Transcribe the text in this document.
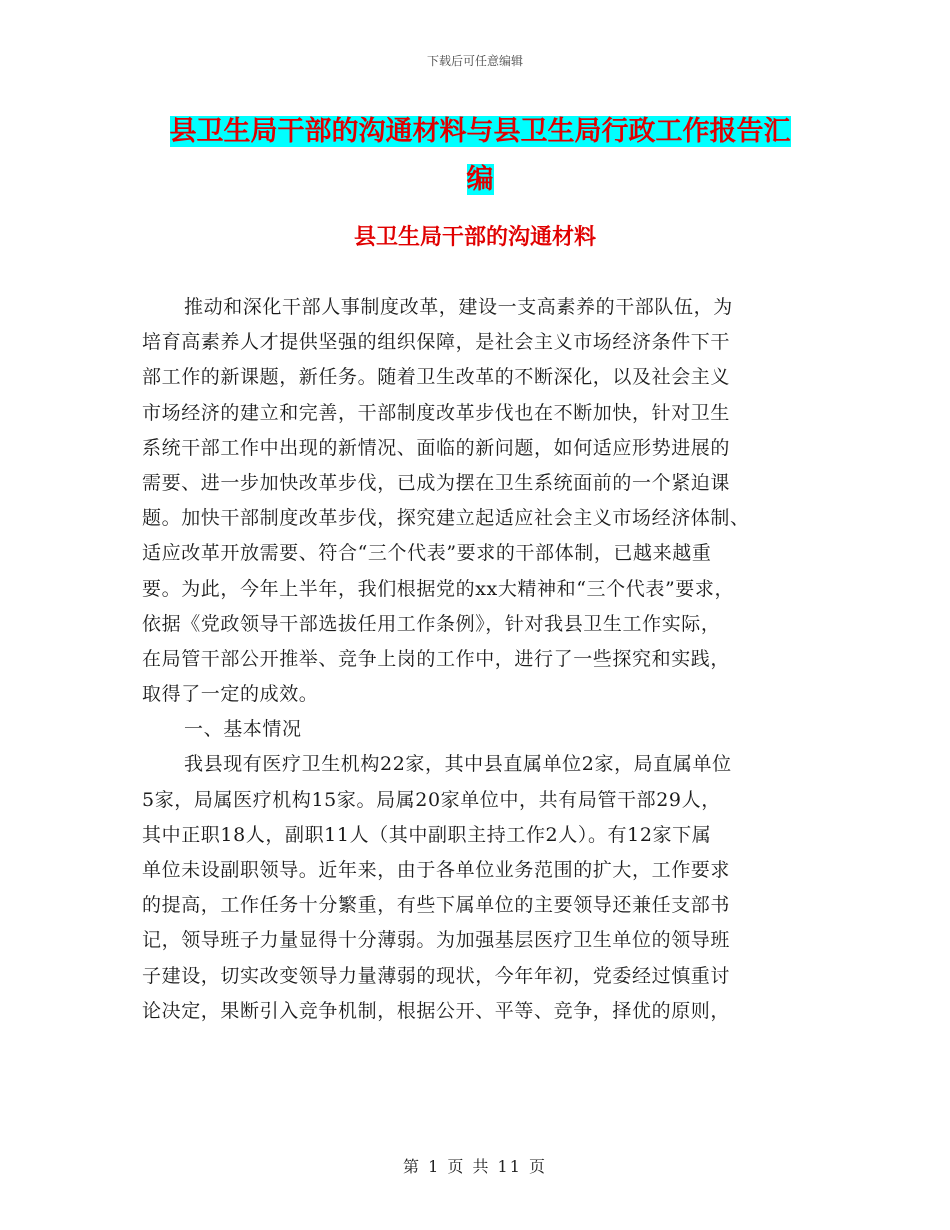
下载后可任意编辑
县卫生局干部的沟通材料与县卫生局行政工作报告汇
编
县卫生局干部的沟通材料
推动和深化干部人事制度改革，建设一支高素养的干部队伍，为
培育高素养人才提供坚强的组织保障，是社会主义市场经济条件下干
部工作的新课题，新任务。随着卫生改革的不断深化，以及社会主义
市场经济的建立和完善，干部制度改革步伐也在不断加快，针对卫生
系统干部工作中出现的新情况、面临的新问题，如何适应形势进展的
需要、进一步加快改革步伐，已成为摆在卫生系统面前的一个紧迫课
题。加快干部制度改革步伐，探究建立起适应社会主义市场经济体制、
适应改革开放需要、符合“三个代表”要求的干部体制，已越来越重
要。为此，今年上半年，我们根据党的xx大精神和“三个代表”要求，
依据《党政领导干部选拔任用工作条例》，针对我县卫生工作实际，
在局管干部公开推举、竞争上岗的工作中，进行了一些探究和实践，
取得了一定的成效。
一、基本情况
我县现有医疗卫生机构22家，其中县直属单位2家，局直属单位
5家，局属医疗机构15家。局属20家单位中，共有局管干部29人，
其中正职18人，副职11人（其中副职主持工作2人）。有12家下属
单位未设副职领导。近年来，由于各单位业务范围的扩大，工作要求
的提高，工作任务十分繁重，有些下属单位的主要领导还兼任支部书
记，领导班子力量显得十分薄弱。为加强基层医疗卫生单位的领导班
子建设，切实改变领导力量薄弱的现状，今年年初，党委经过慎重讨
论决定，果断引入竞争机制，根据公开、平等、竞争，择优的原则，
第 1 页 共 11 页
